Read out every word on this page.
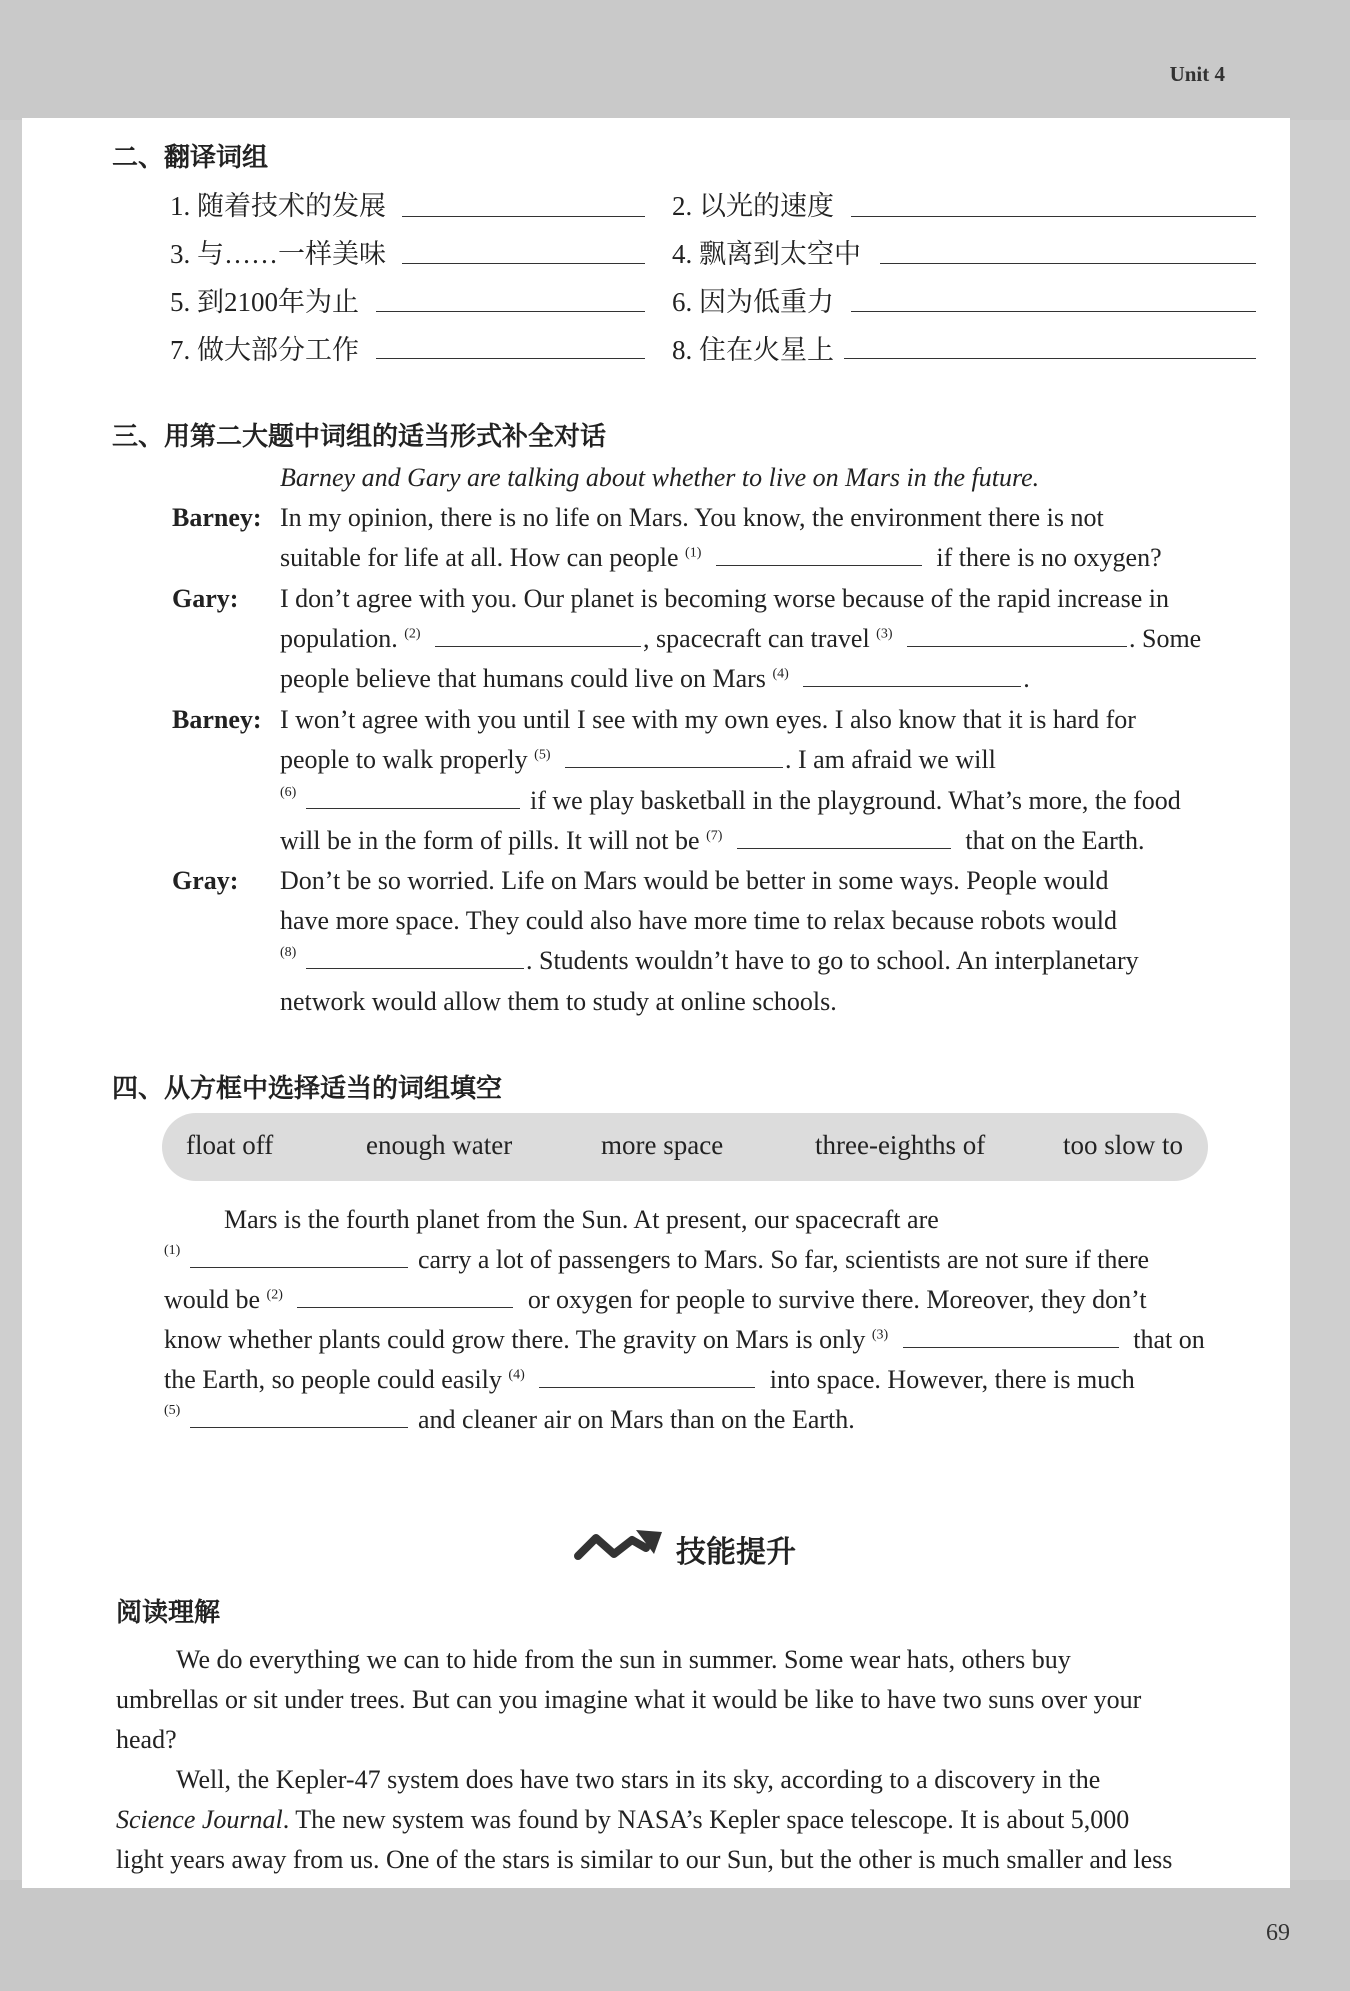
Unit 4
二、翻译词组
1. 随着技术的发展	2. 以光的速度
3. 与……一样美味	4. 飘离到太空中
5. 到2100年为止	6. 因为低重力
7. 做大部分工作	8. 住在火星上
三、用第二大题中词组的适当形式补全对话
Barney and Gary are talking about whether to live on Mars in the future.
Barney: In my opinion, there is no life on Mars. You know, the environment there is not
suitable for life at all. How can people $^{(1)}$	if there is no oxygen?
Gary: I don’t agree with you. Our planet is becoming worse because of the rapid increase in
population. $^{(2)}$	, spacecraft can travel $^{(3)}$	. Some
people believe that humans could live on Mars $^{(4)}$	.
Barney: I won’t agree with you until I see with my own eyes. I also know that it is hard for
people to walk properly $^{(5)}$	. I am afraid we will
(6)	if we play basketball in the playground. What’s more, the food
will be in the form of pills. It will not be $^{(7)}$	that on the Earth.
Gray: Don’t be so worried. Life on Mars would be better in some ways. People would
have more space. They could also have more time to relax because robots would
(8)	. Students wouldn’t have to go to school. An interplanetary
network would allow them to study at online schools.
四、从方框中选择适当的词组填空
float off	enough water	more space	three-eighths of	too slow to
Mars is the fourth planet from the Sun. At present, our spacecraft are
(1)	carry a lot of passengers to Mars. So far, scientists are not sure if there
would be $^{(2)}$	or oxygen for people to survive there. Moreover, they don’t
know whether plants could grow there. The gravity on Mars is only $^{(3)}$	that on
the Earth, so people could easily $^{(4)}$	into space. However, there is much
(5)	and cleaner air on Mars than on the Earth.
技能提升
阅读理解
We do everything we can to hide from the sun in summer. Some wear hats, others buy
umbrellas or sit under trees. But can you imagine what it would be like to have two suns over your
head?
Well, the Kepler-47 system does have two stars in its sky, according to a discovery in the
Science Journal. The new system was found by NASA’s Kepler space telescope. It is about 5,000
light years away from us. One of the stars is similar to our Sun, but the other is much smaller and less
69
